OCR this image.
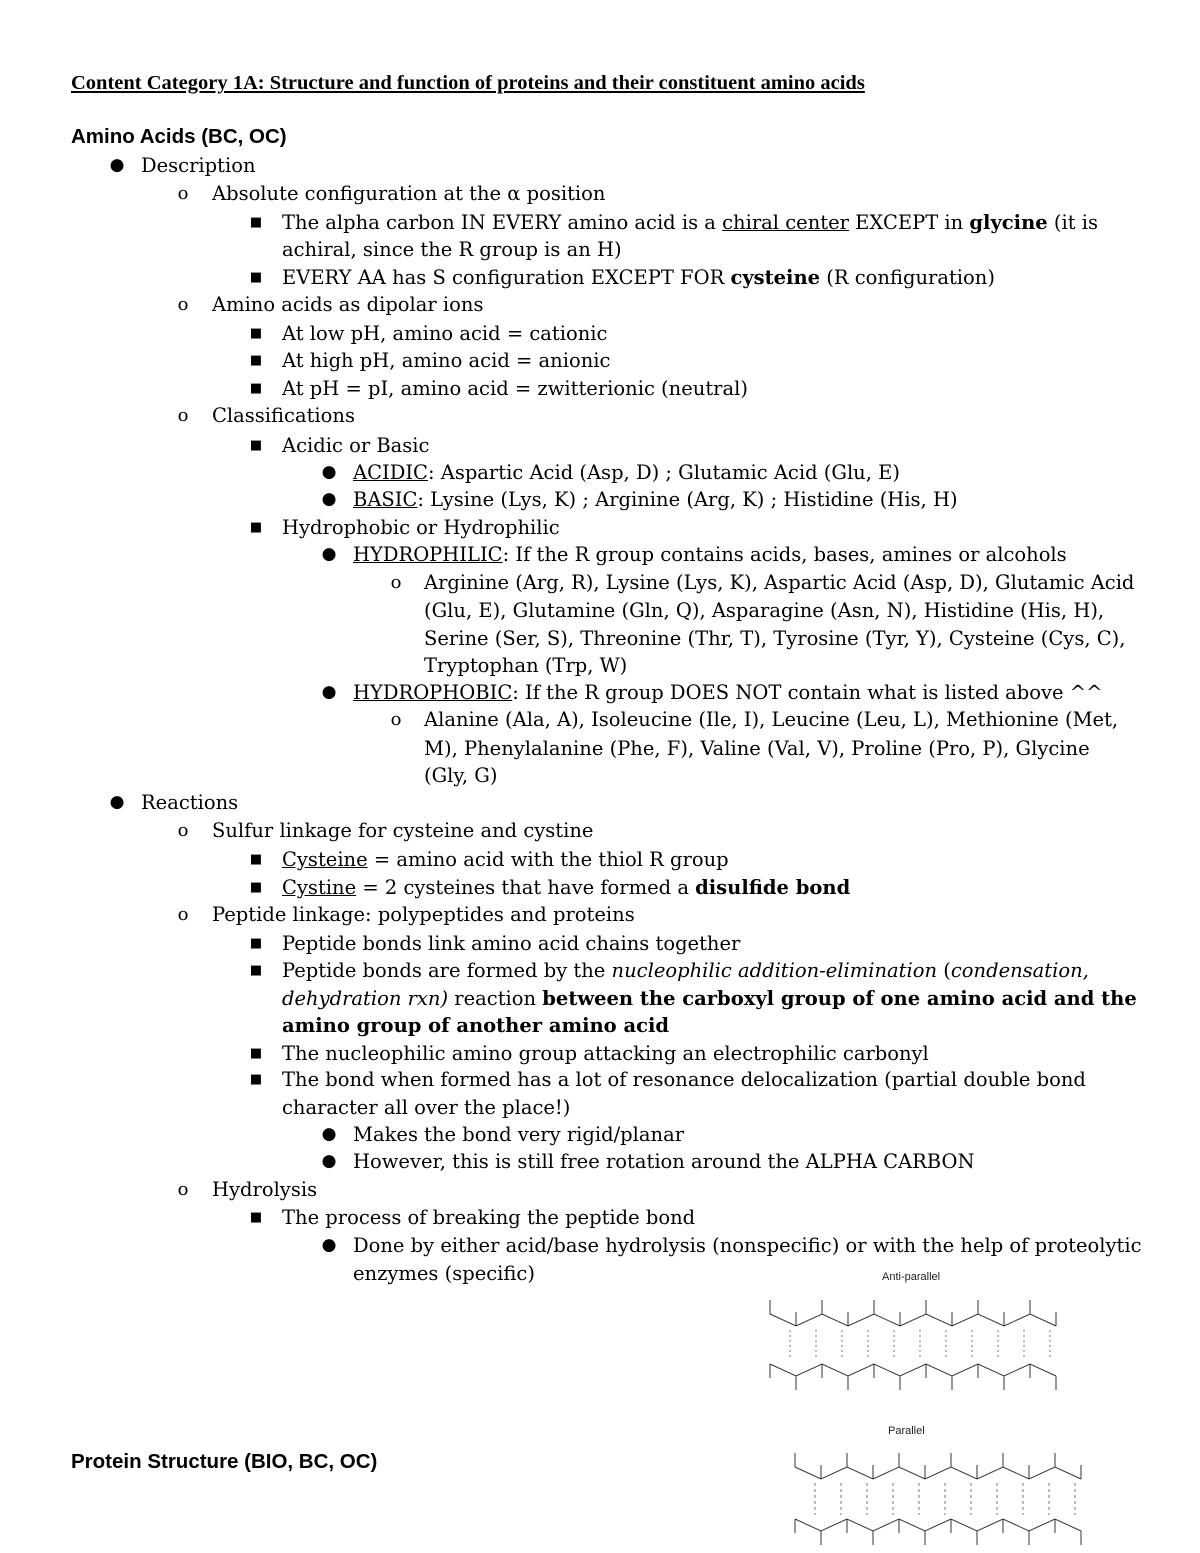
Content Category 1A: Structure and function of proteins and their constituent amino acids
Amino Acids (BC, OC)
● Description
o	Absolute configuration at the α position
■	The alpha carbon IN EVERY amino acid is a chiral center EXCEPT in glycine (it is
achiral, since the R group is an H)
■	EVERY AA has S configuration EXCEPT FOR cysteine (R configuration)
o	Amino acids as dipolar ions
■	At low pH, amino acid = cationic
■	At high pH, amino acid = anionic
■	At pH = pI, amino acid = zwitterionic (neutral)
o	Classifications
■	Acidic or Basic
● ACIDIC: Aspartic Acid (Asp, D) ; Glutamic Acid (Glu, E)
● BASIC: Lysine (Lys, K) ; Arginine (Arg, K) ; Histidine (His, H)
■	Hydrophobic or Hydrophilic
● HYDROPHILIC: If the R group contains acids, bases, amines or alcohols
o	Arginine (Arg, R), Lysine (Lys, K), Aspartic Acid (Asp, D), Glutamic Acid
(Glu, E), Glutamine (Gln, Q), Asparagine (Asn, N), Histidine (His, H),
Serine (Ser, S), Threonine (Thr, T), Tyrosine (Tyr, Y), Cysteine (Cys, C),
Tryptophan (Trp, W)
● HYDROPHOBIC: If the R group DOES NOT contain what is listed above ^^
o	Alanine (Ala, A), Isoleucine (Ile, I), Leucine (Leu, L), Methionine (Met,
M), Phenylalanine (Phe, F), Valine (Val, V), Proline (Pro, P), Glycine
(Gly, G)
● Reactions
o	Sulfur linkage for cysteine and cystine
■	Cysteine = amino acid with the thiol R group
■	Cystine = 2 cysteines that have formed a disulfide bond
o	Peptide linkage: polypeptides and proteins
■	Peptide bonds link amino acid chains together
■	Peptide bonds are formed by the nucleophilic addition-elimination (condensation,
dehydration rxn) reaction between the carboxyl group of one amino acid and the
amino group of another amino acid
■	The nucleophilic amino group attacking an electrophilic carbonyl
■	The bond when formed has a lot of resonance delocalization (partial double bond
character all over the place!)
● Makes the bond very rigid/planar
● However, this is still free rotation around the ALPHA CARBON
o	Hydrolysis
■	The process of breaking the peptide bond
● Done by either acid/base hydrolysis (nonspecific) or with the help of proteolytic
enzymes (specific)	Anti-parallel
Parallel
Protein Structure (BIO, BC, OC)
